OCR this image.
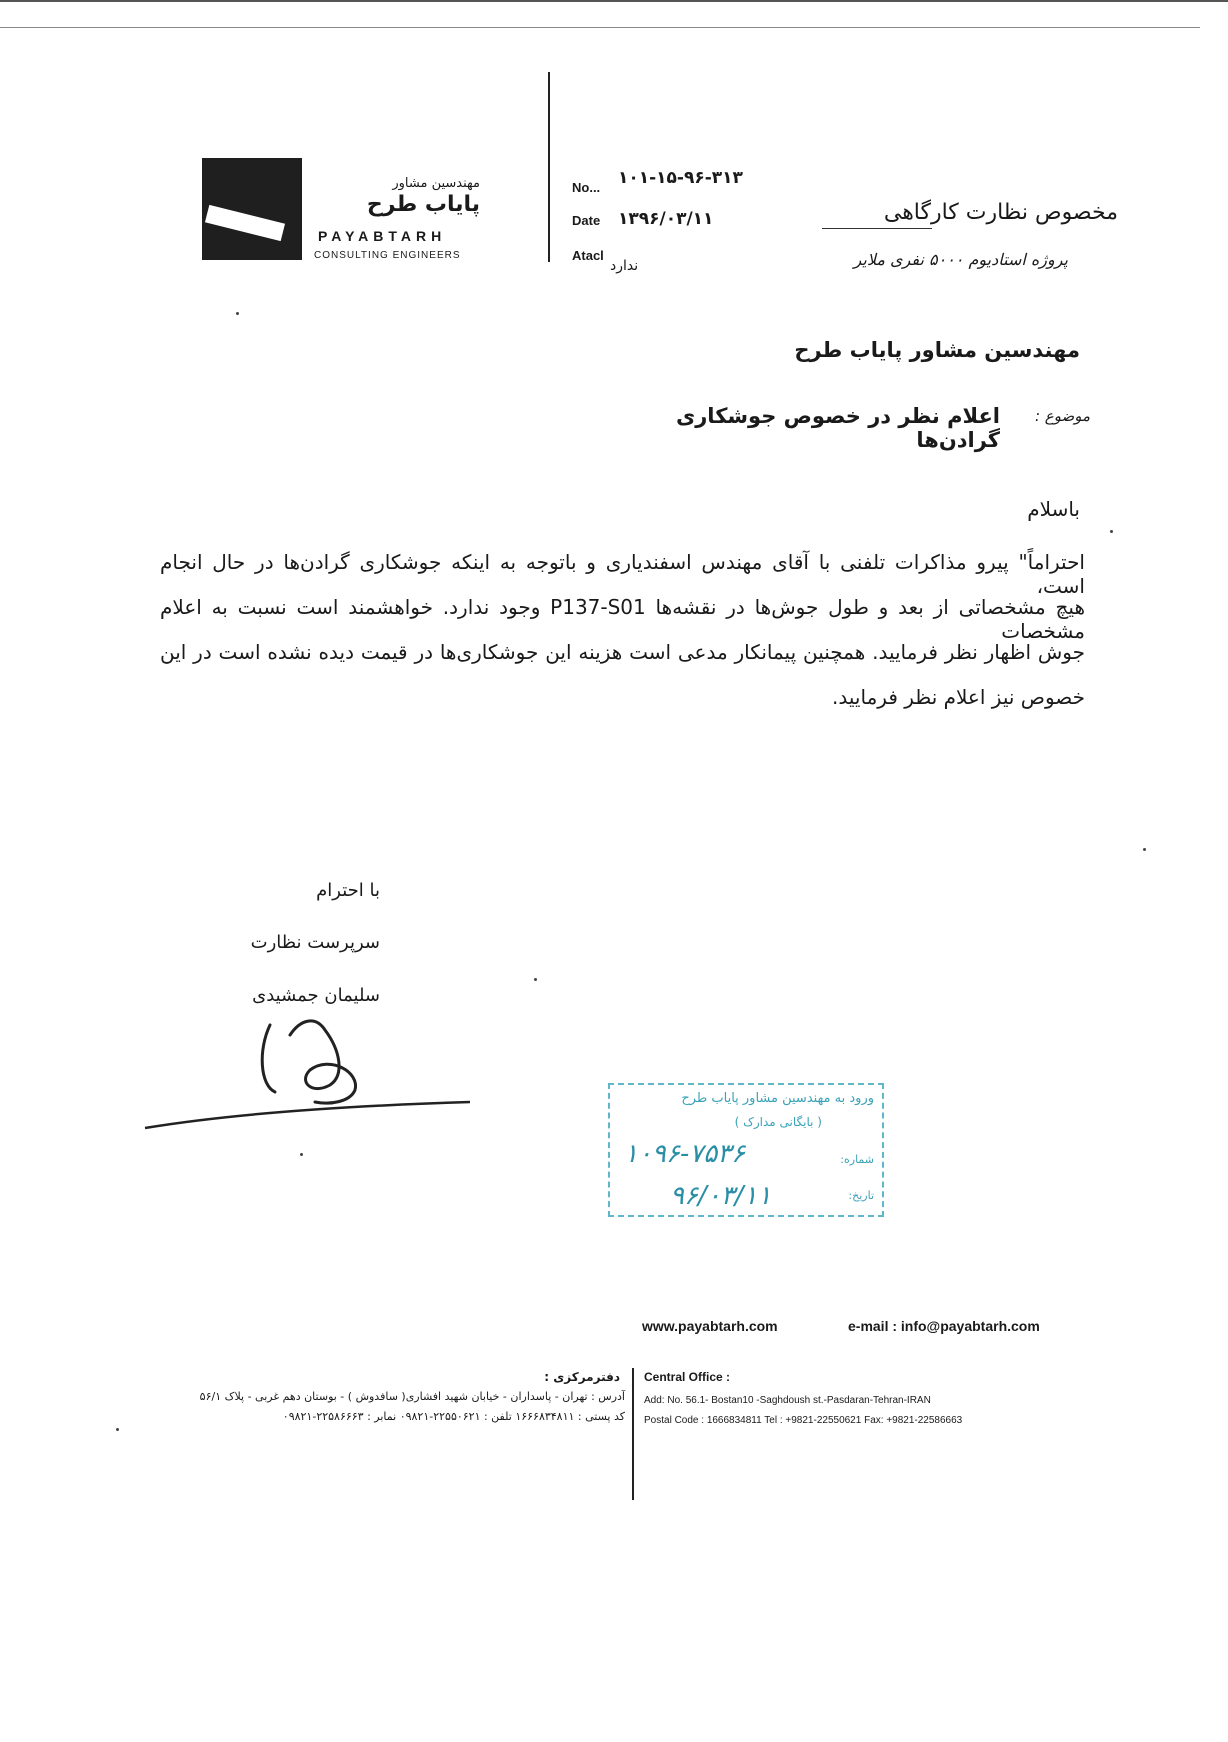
مهندسین مشاور
پایاب طرح
PAYABTARH
CONSULTING ENGINEERS
No... ۱۰۱-۱۵-۹۶-۳۱۳
Date ۱۳۹۶/۰۳/۱۱
Atacl
ندارد
مخصوص نظارت کارگاهی
پروژه استادیوم ۵۰۰۰ نفری ملایر
مهندسین مشاور پایاب طرح
موضوع :
اعلام نظر در خصوص جوشکاری گرادن‌ها
باسلام
احتراماً" پیرو مذاکرات تلفنی با آقای مهندس اسفندیاری و باتوجه به اینکه جوشکاری گرادن‌ها در حال انجام است،
هیچ مشخصاتی از بعد و طول جوش‌ها در نقشه‌ها P137-S01 وجود ندارد. خواهشمند است نسبت به اعلام مشخصات
جوش اظهار نظر فرمایید. همچنین پیمانکار مدعی است هزینه این جوشکاری‌ها در قیمت دیده نشده است در این
خصوص نیز اعلام نظر فرمایید.
با احترام
سرپرست نظارت
سلیمان جمشیدی
ورود به مهندسین مشاور پایاب طرح
( بایگانی مدارک )
شماره:
تاریخ:
۱۰۹۶-۷۵۳۶
۹۶/۰۳/۱۱
www.payabtarh.com	e-mail : info@payabtarh.com
دفترمرکزی :
آدرس : تهران - پاسداران - خیابان شهید افشاری( سافدوش ) - بوستان دهم غربی - پلاک ۵۶/۱
کد پستی : ۱۶۶۶۸۳۴۸۱۱ تلفن : ۲۲۵۵۰۶۲۱-۰۹۸۲۱ نمابر : ۲۲۵۸۶۶۶۳-۰۹۸۲۱
Central Office :
Add: No. 56.1- Bostan10 -Saghdoush st.-Pasdaran-Tehran-IRAN
Postal Code : 1666834811 Tel : +9821-22550621 Fax: +9821-22586663
